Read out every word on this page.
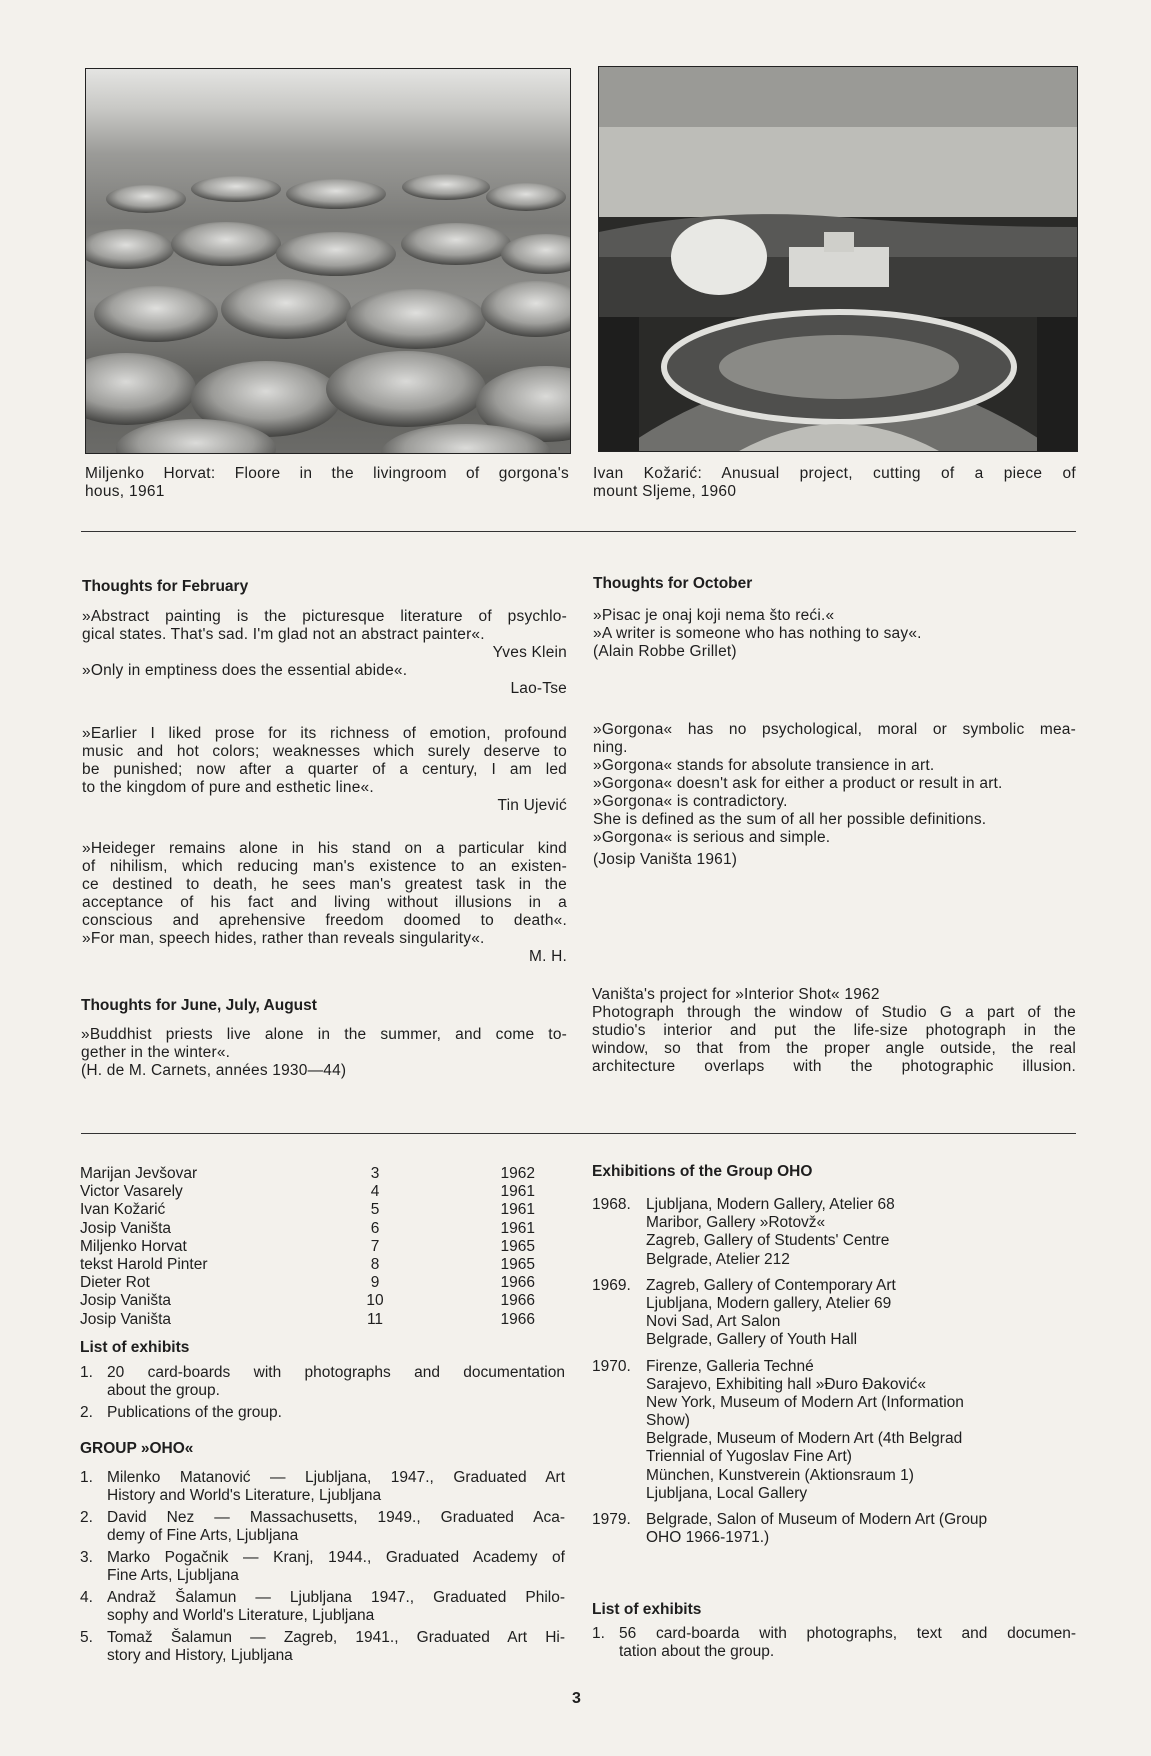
Miljenko Horvat: Floore in the livingroom of gorgona's
hous, 1961
Ivan Kožarić: Anusual project, cutting of a piece of
mount Sljeme, 1960
Thoughts for February
»Abstract painting is the picturesque literature of psychlo-
gical states. That's sad. I'm glad not an abstract painter«.
Yves Klein
»Only in emptiness does the essential abide«.
Lao-Tse
»Earlier I liked prose for its richness of emotion, profound
music and hot colors; weaknesses which surely deserve to
be punished; now after a quarter of a century, I am led
to the kingdom of pure and esthetic line«.
Tin Ujević
»Heideger remains alone in his stand on a particular kind
of nihilism, which reducing man's existence to an existen-
ce destined to death, he sees man's greatest task in the
acceptance of his fact and living without illusions in a
conscious and aprehensive freedom doomed to death«.
»For man, speech hides, rather than reveals singularity«.
M. H.
Thoughts for October
»Pisac je onaj koji nema što reći.«
»A writer is someone who has nothing to say«.
(Alain Robbe Grillet)
»Gorgona« has no psychological, moral or symbolic mea-
ning.
»Gorgona« stands for absolute transience in art.
»Gorgona« doesn't ask for either a product or result in art.
»Gorgona« is contradictory.
She is defined as the sum of all her possible definitions.
»Gorgona« is serious and simple.
(Josip Vaništa 1961)
Thoughts for June, July, August
»Buddhist priests live alone in the summer, and come to-
gether in the winter«.
(H. de M. Carnets, années 1930—44)
Vaništa's project for »Interior Shot« 1962
Photograph through the window of Studio G a part of the
studio's interior and put the life-size photograph in the
window, so that from the proper angle outside, the real
architecture overlaps with the photographic illusion.
Marijan Jevšovar	3	1962
Victor Vasarely	4	1961
Ivan Kožarić	5	1961
Josip Vaništa	6	1961
Miljenko Horvat	7	1965
tekst Harold Pinter	8	1965
Dieter Rot	9	1966
Josip Vaništa	10	1966
Josip Vaništa	11	1966
List of exhibits
1. 20 card-boards with photographs and documentation
about the group.
2. Publications of the group.
GROUP »OHO«
1. Milenko Matanović — Ljubljana, 1947., Graduated Art
History and World's Literature, Ljubljana
2. David Nez — Massachusetts, 1949., Graduated Aca-
demy of Fine Arts, Ljubljana
3. Marko Pogačnik — Kranj, 1944., Graduated Academy of
Fine Arts, Ljubljana
4. Andraž Šalamun — Ljubljana 1947., Graduated Philo-
sophy and World's Literature, Ljubljana
5. Tomaž Šalamun — Zagreb, 1941., Graduated Art Hi-
story and History, Ljubljana
Exhibitions of the Group OHO
1968. Ljubljana, Modern Gallery, Atelier 68
Maribor, Gallery »Rotovž«
Zagreb, Gallery of Students' Centre
Belgrade, Atelier 212
1969. Zagreb, Gallery of Contemporary Art
Ljubljana, Modern gallery, Atelier 69
Novi Sad, Art Salon
Belgrade, Gallery of Youth Hall
1970. Firenze, Galleria Techné
Sarajevo, Exhibiting hall »Đuro Đaković«
New York, Museum of Modern Art (Information
Show)
Belgrade, Museum of Modern Art (4th Belgrad
Triennial of Yugoslav Fine Art)
München, Kunstverein (Aktionsraum 1)
Ljubljana, Local Gallery
1979. Belgrade, Salon of Museum of Modern Art (Group
OHO 1966-1971.)
List of exhibits
1. 56 card-boarda with photographs, text and documen-
tation about the group.
3
